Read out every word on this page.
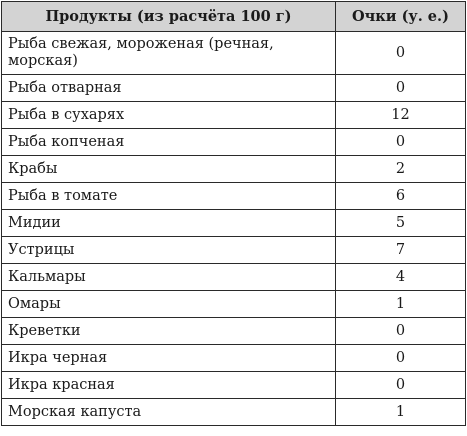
Продукты (из расчёта 100 г)	Очки (у. е.)
Рыба свежая, мороженая (речная, морская)	0
Рыба отварная	0
Рыба в сухарях	12
Рыба копченая	0
Крабы	2
Рыба в томате	6
Мидии	5
Устрицы	7
Кальмары	4
Омары	1
Креветки	0
Икра черная	0
Икра красная	0
Морская капуста	1
